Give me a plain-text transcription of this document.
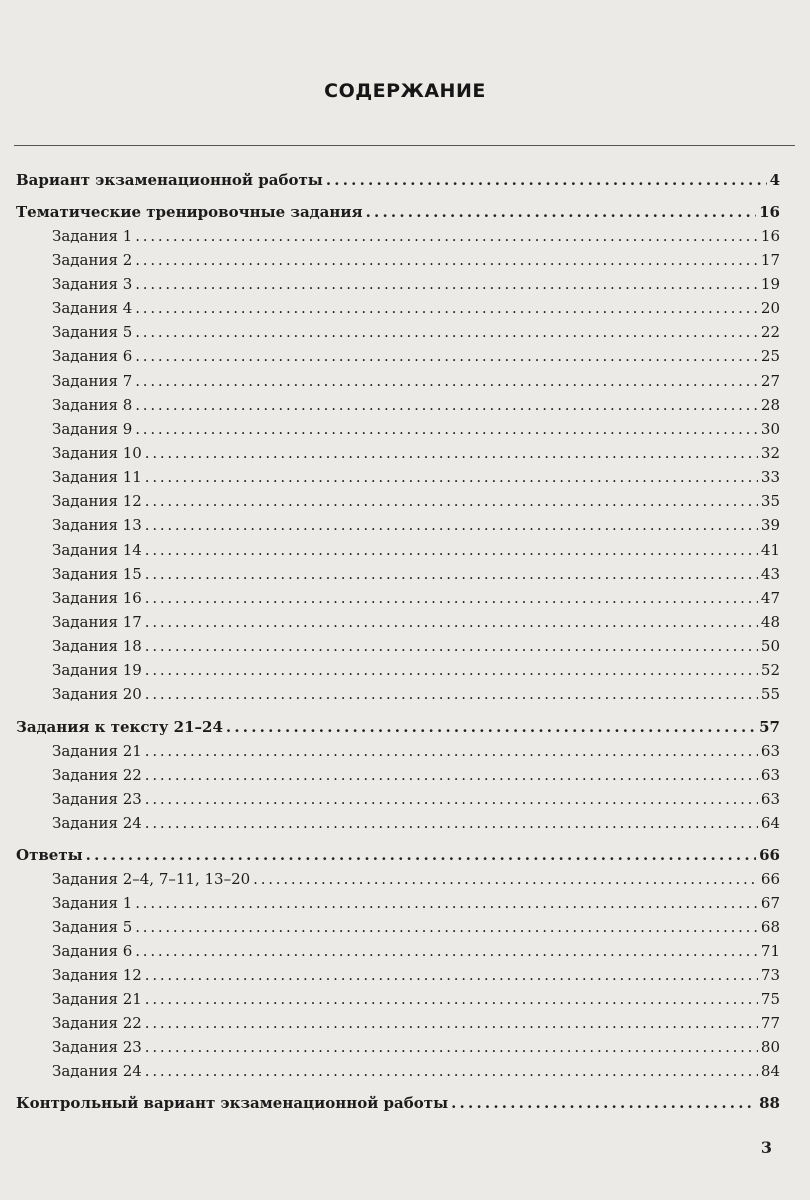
СОДЕРЖАНИЕ
Вариант экзаменационной работы . . .	4
Тематические тренировочные задания . . .	16
Задания 1 . . .	16
Задания 2 . . .	17
Задания 3 . . .	19
Задания 4 . . .	20
Задания 5 . . .	22
Задания 6 . . .	25
Задания 7 . . .	27
Задания 8 . . .	28
Задания 9 . . .	30
Задания 10 . . .	32
Задания 11 . . .	33
Задания 12 . . .	35
Задания 13 . . .	39
Задания 14 . . .	41
Задания 15 . . .	43
Задания 16 . . .	47
Задания 17 . . .	48
Задания 18 . . .	50
Задания 19 . . .	52
Задания 20 . . .	55
Задания к тексту 21–24 . . .	57
Задания 21 . . .	63
Задания 22 . . .	63
Задания 23 . . .	63
Задания 24 . . .	64
Ответы . . .	66
Задания 2–4, 7–11, 13–20 . . .	66
Задания 1 . . .	67
Задания 5 . . .	68
Задания 6 . . .	71
Задания 12 . . .	73
Задания 21 . . .	75
Задания 22 . . .	77
Задания 23 . . .	80
Задания 24 . . .	84
Контрольный вариант экзаменационной работы . . .	88
3
